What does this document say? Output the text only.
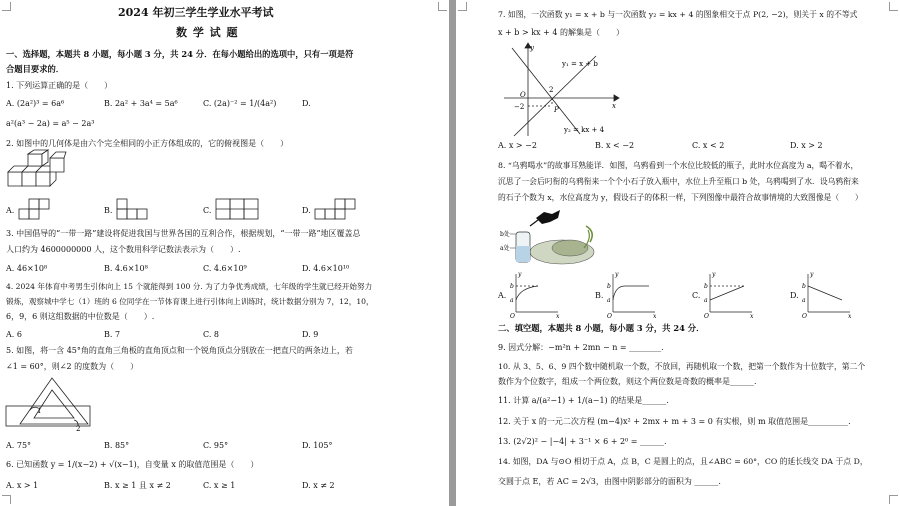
2024 年初三学生学业水平考试
数 学 试 题
一、选择题，本题共 8 小题，每小题 3 分，共 24 分．在每小题给出的选项中，只有一项是符
合题目要求的．
1. 下列运算正确的是（　　）
A. (2a²)³ = 6a⁶	B. 2a² + 3a⁴ = 5a⁶	C. (2a)⁻² = 1/(4a²)	D.
a²(a³ − 2a) = a⁵ − 2a³
2. 如图中的几何体是由六个完全相同的小正方体组成的，它的俯视图是（　　）
A.	B.	C.	D.
3. 中国倡导的“一带一路”建设将促进我国与世界各国的互利合作，根据规划，“一带一路”地区覆盖总
人口约为 4600000000 人，这个数用科学记数法表示为（　　）.
A. 46×10⁸	B. 4.6×10⁸	C. 4.6×10⁹	D. 4.6×10¹⁰
4. 2024 年体育中考男生引体向上 15 个就能得到 100 分. 为了力争优秀成绩，七年级的学生就已经开始努力
锻炼，观察城中学七（1）班的 6 位同学在一节体育课上进行引体向上训练时，统计数据分别为 7，12，10，
6，9，6 则这组数据的中位数是（　　）.
A. 6	B. 7	C. 8	D. 9
5. 如图，将一含 45°角的直角三角板的直角顶点和一个锐角顶点分别放在一把直尺的两条边上，若
∠1 = 60°，则∠2 的度数为（　　）
1
2
A. 75°	B. 85°	C. 95°	D. 105°
6. 已知函数 y = 1/(x−2) + √(x−1)，自变量 x 的取值范围是（　　）
A. x > 1	B. x ≥ 1 且 x ≠ 2	C. x ≥ 1	D. x ≠ 2
7. 如图，一次函数 y₁ = x + b 与一次函数 y₂ = kx + 4 的图象相交于点 P(2, −2)，则关于 x 的不等式
x + b > kx + 4 的解集是（　　）
y
x
O
2
−2	P
y₁ = x + b
y₂ = kx + 4
A. x > −2	B. x < −2	C. x < 2	D. x > 2
8. “乌鸦喝水”的故事耳熟能详．如图，乌鸦看到一个水位比较低的瓶子，此时水位高度为 a，喝不着水，
沉思了一会后叼衔的乌鸦衔来一个个小石子放入瓶中，水位上升至瓶口 b 处，乌鸦喝到了水．设乌鸦衔来
的石子个数为 x，水位高度为 y，假设石子的体积一样，下列图像中最符合故事情境的大致图像是（　　）
b处
a处
A.
y
x
O
b
a
B.
y
x
O
b
a
C.
y
x
O
b
a
D.
y
x
O
b
a
二、填空题，本题共 8 小题，每小题 3 分，共 24 分．
9. 因式分解：−m²n + 2mn − n = ________.
10. 从 3、5、6、9 四个数中随机取一个数，不放回，再随机取一个数，把第一个数作为十位数字，第二个
数作为个位数字，组成一个两位数，则这个两位数是奇数的概率是______.
11. 计算 a/(a²−1) + 1/(a−1) 的结果是______.
12. 关于 x 的一元二次方程 (m−4)x² + 2mx + m + 3 = 0 有实根，则 m 取值范围是__________.
13. (2√2)² − |−4| + 3⁻¹ × 6 + 2⁰ = ______.
14. 如图，DA 与⊙O 相切于点 A，点 B，C 是圆上的点，且∠ABC = 60°，CO 的延长线交 DA 于点 D，
交圆于点 E，若 AC = 2√3，由图中阴影部分的面积为 ______.
